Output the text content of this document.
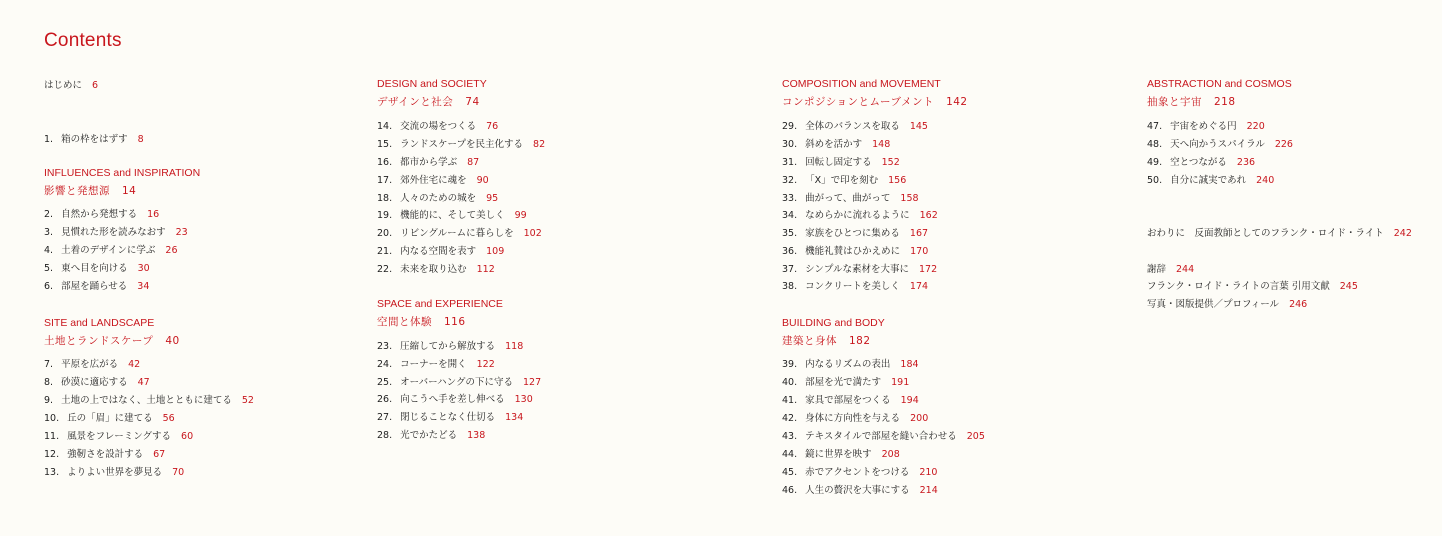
Contents
はじめに 6
1. 箱の枠をはずす 8
INFLUENCES and INSPIRATION
影響と発想源 14
2. 自然から発想する 16
3. 見慣れた形を読みなおす 23
4. 土着のデザインに学ぶ 26
5. 東へ目を向ける 30
6. 部屋を踊らせる 34
SITE and LANDSCAPE
土地とランドスケープ 40
7. 平原を広がる 42
8. 砂漠に適応する 47
9. 土地の上ではなく、土地とともに建てる 52
10. 丘の「眉」に建てる 56
11. 風景をフレーミングする 60
12. 強靭さを設計する 67
13. よりよい世界を夢見る 70
DESIGN and SOCIETY
デザインと社会 74
14. 交流の場をつくる 76
15. ランドスケープを民主化する 82
16. 都市から学ぶ 87
17. 郊外住宅に魂を 90
18. 人々のための城を 95
19. 機能的に、そして美しく 99
20. リビングルームに暮らしを 102
21. 内なる空間を表す 109
22. 未来を取り込む 112
SPACE and EXPERIENCE
空間と体験 116
23. 圧縮してから解放する 118
24. コーナーを開く 122
25. オーバーハングの下に守る 127
26. 向こうへ手を差し伸べる 130
27. 閉じることなく仕切る 134
28. 光でかたどる 138
COMPOSITION and MOVEMENT
コンポジションとムーブメント 142
29. 全体のバランスを取る 145
30. 斜めを活かす 148
31. 回転し固定する 152
32. 「X」で印を刻む 156
33. 曲がって、曲がって 158
34. なめらかに流れるように 162
35. 家族をひとつに集める 167
36. 機能礼賛はひかえめに 170
37. シンプルな素材を大事に 172
38. コンクリートを美しく 174
BUILDING and BODY
建築と身体 182
39. 内なるリズムの表出 184
40. 部屋を光で満たす 191
41. 家具で部屋をつくる 194
42. 身体に方向性を与える 200
43. テキスタイルで部屋を縫い合わせる 205
44. 鏡に世界を映す 208
45. 赤でアクセントをつける 210
46. 人生の贅沢を大事にする 214
ABSTRACTION and COSMOS
抽象と宇宙 218
47. 宇宙をめぐる円 220
48. 天へ向かうスパイラル 226
49. 空とつながる 236
50. 自分に誠実であれ 240
おわりに　反面教師としてのフランク・ロイド・ライト 242
謝辞 244
フランク・ロイド・ライトの言葉 引用文献 245
写真・図版提供／プロフィール 246
